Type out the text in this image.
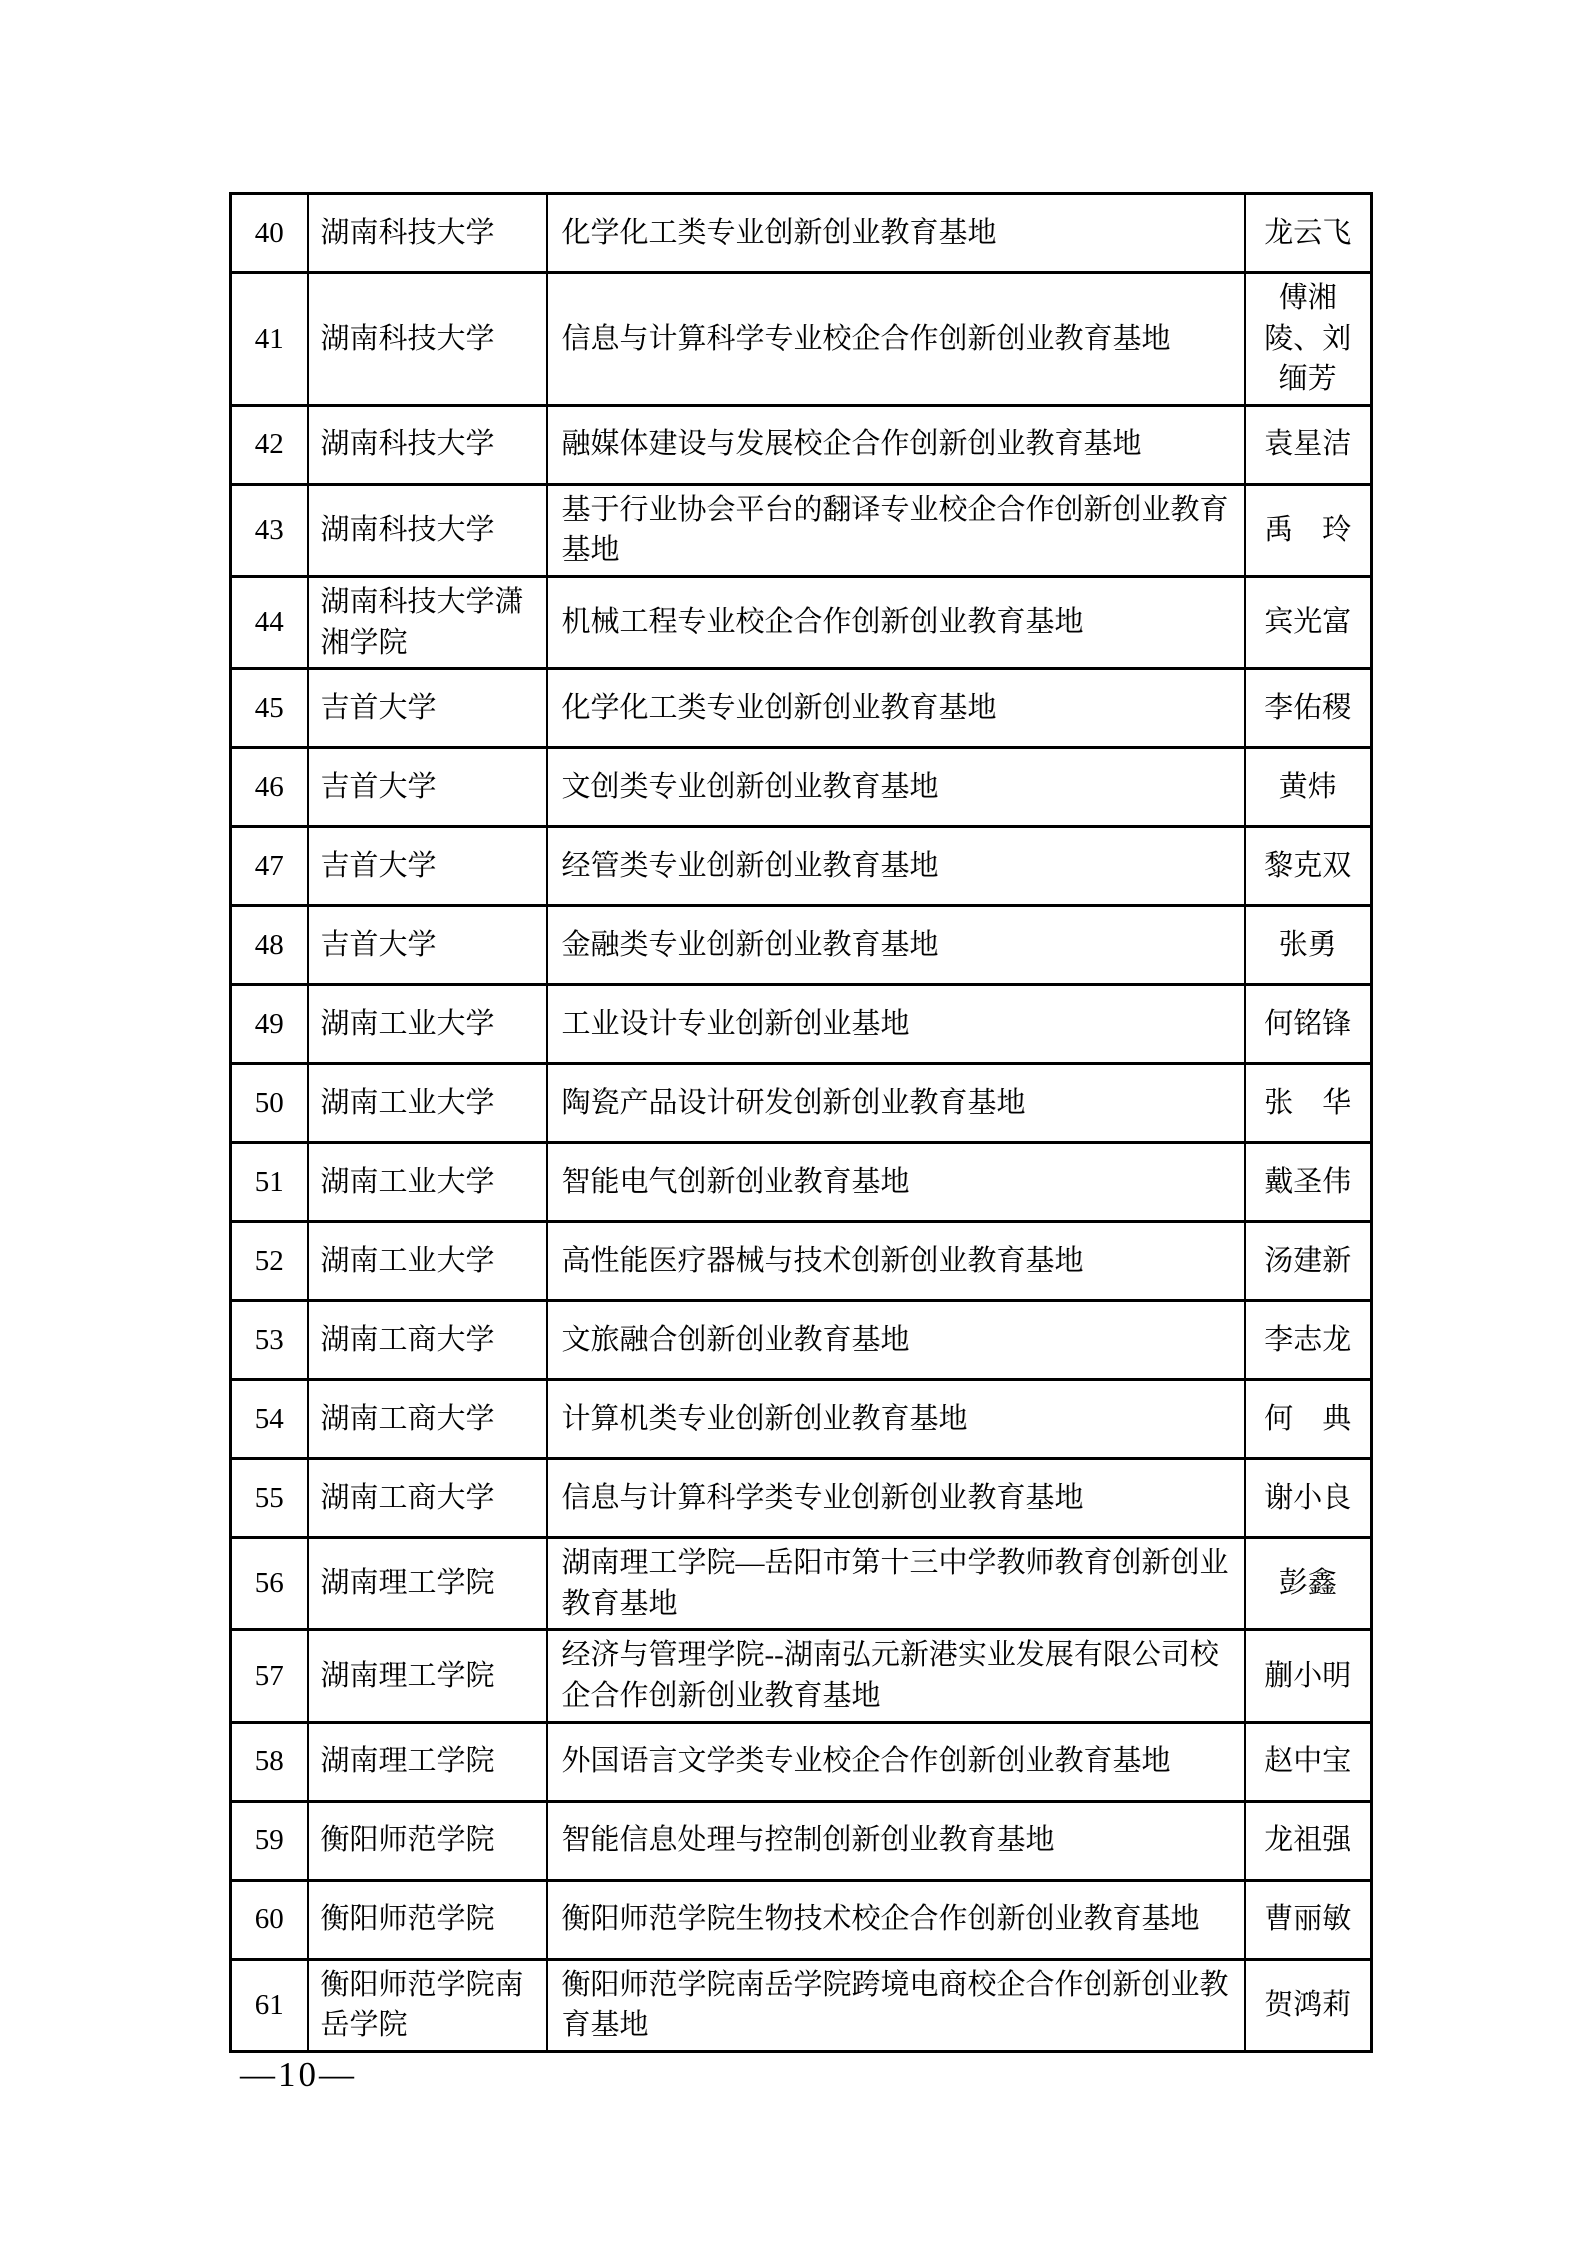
40	湖南科技大学	化学化工类专业创新创业教育基地	龙云飞
41	湖南科技大学	信息与计算科学专业校企合作创新创业教育基地	傅湘陵、刘缅芳
42	湖南科技大学	融媒体建设与发展校企合作创新创业教育基地	袁星洁
43	湖南科技大学	基于行业协会平台的翻译专业校企合作创新创业教育基地	禹　玲
44	湖南科技大学潇湘学院	机械工程专业校企合作创新创业教育基地	宾光富
45	吉首大学	化学化工类专业创新创业教育基地	李佑稷
46	吉首大学	文创类专业创新创业教育基地	黄炜
47	吉首大学	经管类专业创新创业教育基地	黎克双
48	吉首大学	金融类专业创新创业教育基地	张勇
49	湖南工业大学	工业设计专业创新创业基地	何铭锋
50	湖南工业大学	陶瓷产品设计研发创新创业教育基地	张　华
51	湖南工业大学	智能电气创新创业教育基地	戴圣伟
52	湖南工业大学	高性能医疗器械与技术创新创业教育基地	汤建新
53	湖南工商大学	文旅融合创新创业教育基地	李志龙
54	湖南工商大学	计算机类专业创新创业教育基地	何　典
55	湖南工商大学	信息与计算科学类专业创新创业教育基地	谢小良
56	湖南理工学院	湖南理工学院—岳阳市第十三中学教师教育创新创业教育基地	彭鑫
57	湖南理工学院	经济与管理学院--湖南弘元新港实业发展有限公司校企合作创新创业教育基地	蒯小明
58	湖南理工学院	外国语言文学类专业校企合作创新创业教育基地	赵中宝
59	衡阳师范学院	智能信息处理与控制创新创业教育基地	龙祖强
60	衡阳师范学院	衡阳师范学院生物技术校企合作创新创业教育基地	曹丽敏
61	衡阳师范学院南岳学院	衡阳师范学院南岳学院跨境电商校企合作创新创业教育基地	贺鸿莉
—10—
